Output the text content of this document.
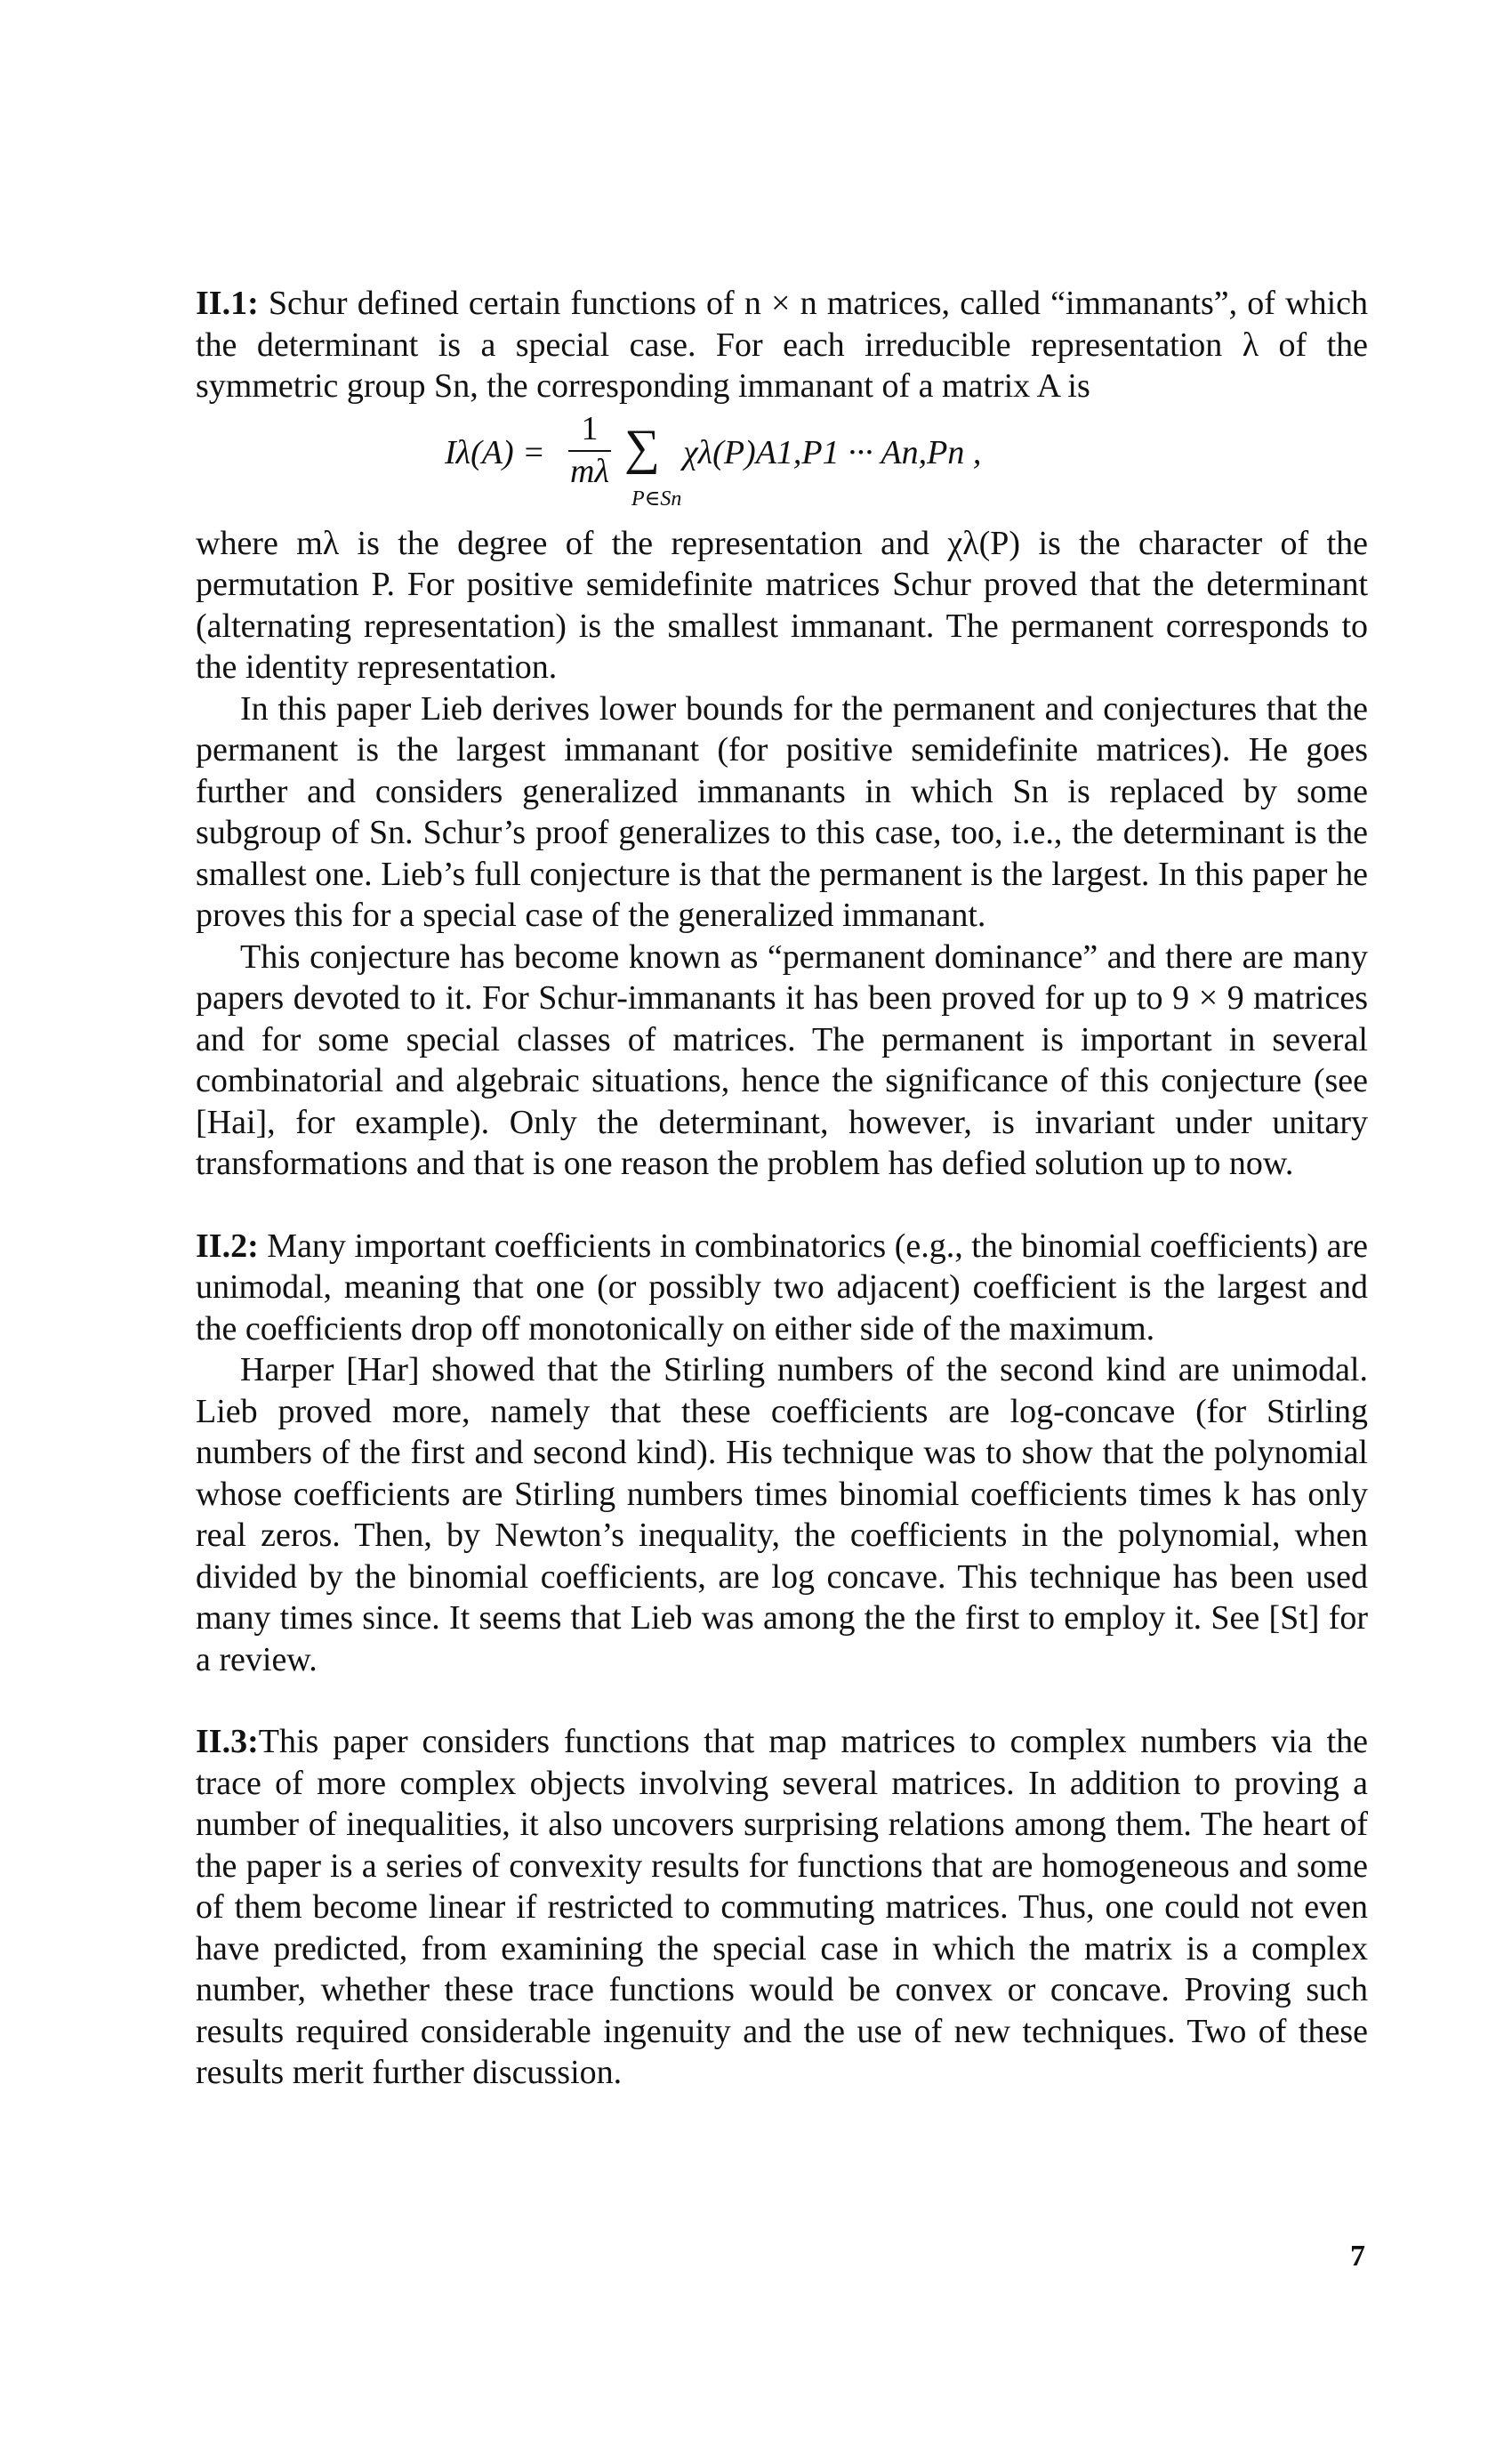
II.1: Schur defined certain functions of n × n matrices, called “immanants”, of which the determinant is a special case. For each irreducible representation λ of the symmetric group Sn, the corresponding immanant of a matrix A is

Iλ(A) =
1
mλ ∑
P∈Sn
χλ(P)A1,P1 ··· An,Pn ,

where mλ is the degree of the representation and χλ(P) is the character of the permutation P. For positive semidefinite matrices Schur proved that the determinant (alternating representation) is the smallest immanant. The permanent corresponds to the identity representation.

In this paper Lieb derives lower bounds for the permanent and conjectures that the permanent is the largest immanant (for positive semidefinite matrices). He goes further and considers generalized immanants in which Sn is replaced by some subgroup of Sn. Schur’s proof generalizes to this case, too, i.e., the determinant is the smallest one. Lieb’s full conjecture is that the permanent is the largest. In this paper he proves this for a special case of the generalized immanant.

This conjecture has become known as “permanent dominance” and there are many papers devoted to it. For Schur-immanants it has been proved for up to 9 × 9 matrices and for some special classes of matrices. The permanent is important in several combinatorial and algebraic situations, hence the significance of this conjecture (see [Hai], for example). Only the determinant, however, is invariant under unitary transformations and that is one reason the problem has defied solution up to now.

II.2: Many important coefficients in combinatorics (e.g., the binomial coefficients) are unimodal, meaning that one (or possibly two adjacent) coefficient is the largest and the coefficients drop off monotonically on either side of the maximum.

Harper [Har] showed that the Stirling numbers of the second kind are unimodal. Lieb proved more, namely that these coefficients are log-concave (for Stirling numbers of the first and second kind). His technique was to show that the polynomial whose coefficients are Stirling numbers times binomial coefficients times k has only real zeros. Then, by Newton’s inequality, the coefficients in the polynomial, when divided by the binomial coefficients, are log concave. This technique has been used many times since. It seems that Lieb was among the the first to employ it. See [St] for a review.

II.3:This paper considers functions that map matrices to complex numbers via the trace of more complex objects involving several matrices. In addition to proving a number of inequalities, it also uncovers surprising relations among them. The heart of the paper is a series of convexity results for functions that are homogeneous and some of them become linear if restricted to commuting matrices. Thus, one could not even have predicted, from examining the special case in which the matrix is a complex number, whether these trace functions would be convex or concave. Proving such results required considerable ingenuity and the use of new techniques. Two of these results merit further discussion.

7
